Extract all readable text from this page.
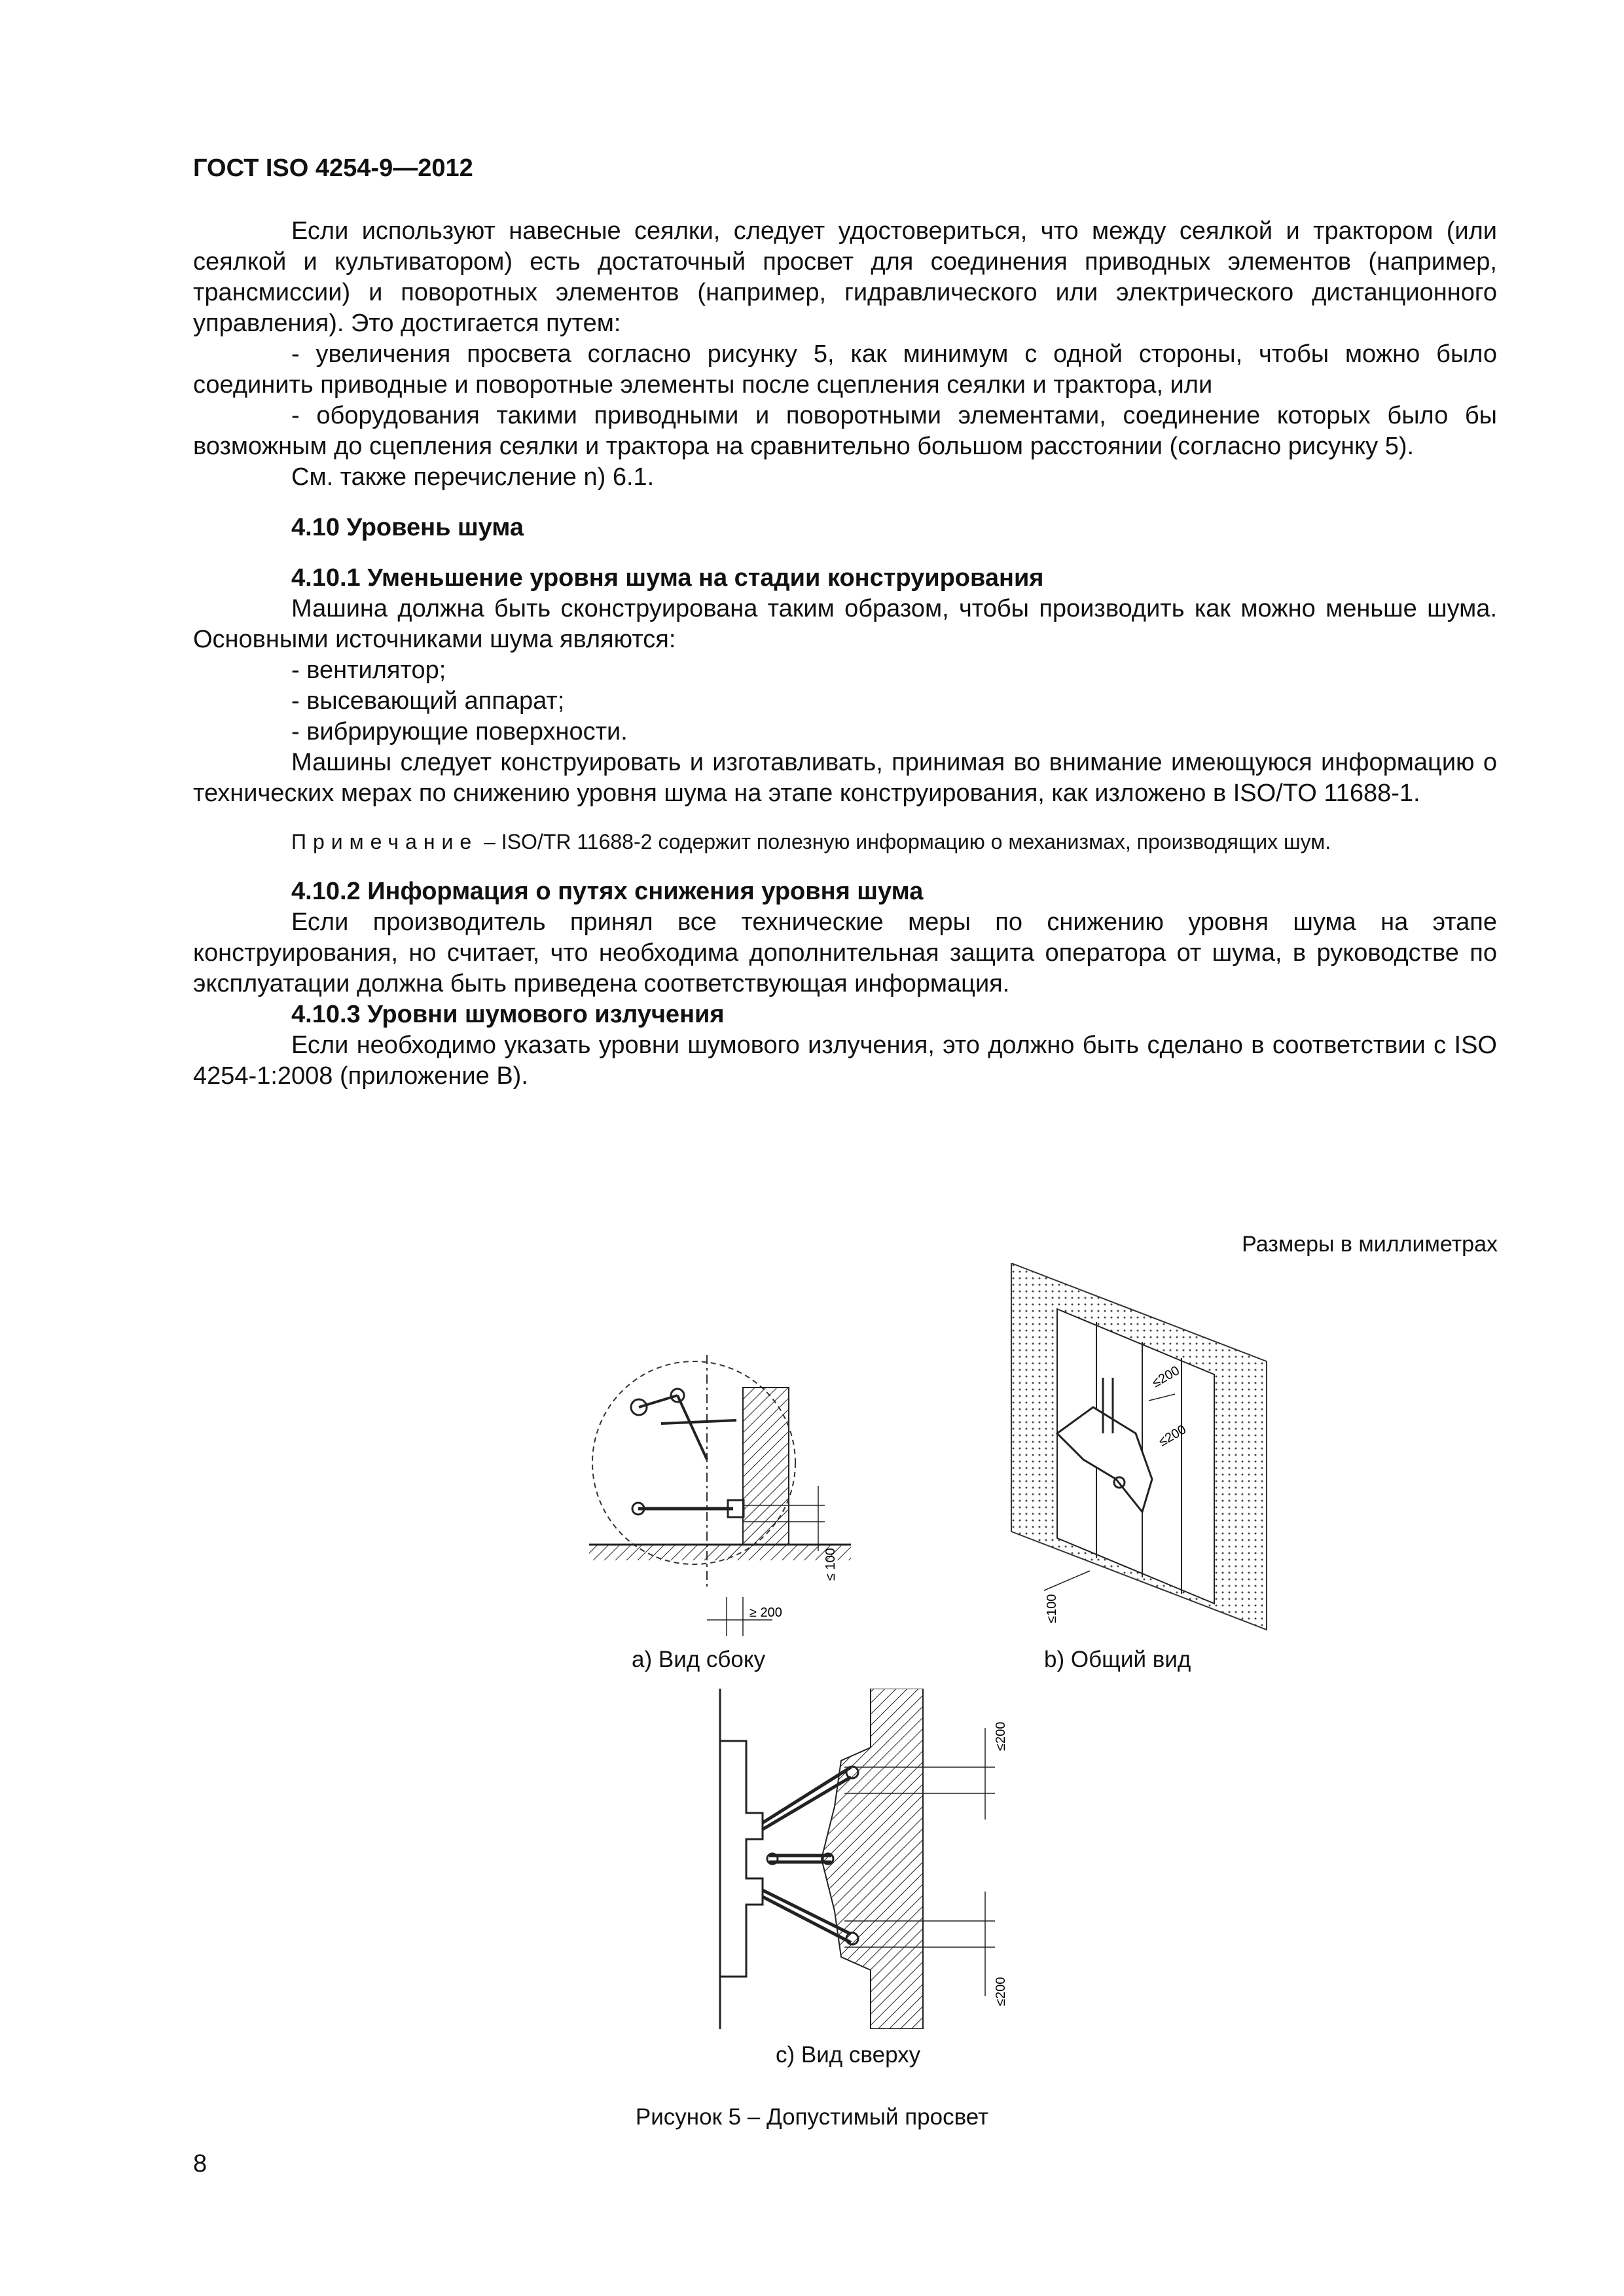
ГОСТ ISO 4254-9—2012

Если используют навесные сеялки, следует удостовериться, что между сеялкой и трактором (или сеялкой и культиватором) есть достаточный просвет для соединения приводных элементов (например, трансмиссии) и поворотных элементов (например, гидравлического или электрического дистанционного управления). Это достигается путем:

- увеличения просвета согласно рисунку 5, как минимум с одной стороны, чтобы можно было соединить приводные и поворотные элементы после сцепления сеялки и трактора, или

- оборудования такими приводными и поворотными элементами, соединение которых было бы возможным до сцепления сеялки и трактора на сравнительно большом расстоянии (согласно рисунку 5).

См. также перечисление n) 6.1.

4.10 Уровень шума

4.10.1 Уменьшение уровня шума на стадии конструирования

Машина должна быть сконструирована таким образом, чтобы производить как можно меньше шума. Основными источниками шума являются:

- вентилятор;

- высевающий аппарат;

- вибрирующие поверхности.

Машины следует конструировать и изготавливать, принимая во внимание имеющуюся информацию о технических мерах по снижению уровня шума на этапе конструирования, как изложено в ISO/TO 11688-1.

Примечание – ISO/TR 11688-2 содержит полезную информацию о механизмах, производящих шум.

4.10.2 Информация о путях снижения уровня шума

Если производитель принял все технические меры по снижению уровня шума на этапе конструирования, но считает, что необходима дополнительная защита оператора от шума, в руководстве по эксплуатации должна быть приведена соответствующая информация.

4.10.3 Уровни шумового излучения

Если необходимо указать уровни шумового излучения, это должно быть сделано в соответствии с ISO 4254-1:2008 (приложение В).

Размеры в миллиметрах
≤ 100
≥ 200
≤200
≤200
≤100
а) Вид сбоку	b) Общий вид
≤200
≤200
с) Вид сверху
Рисунок 5 – Допустимый просвет
8
